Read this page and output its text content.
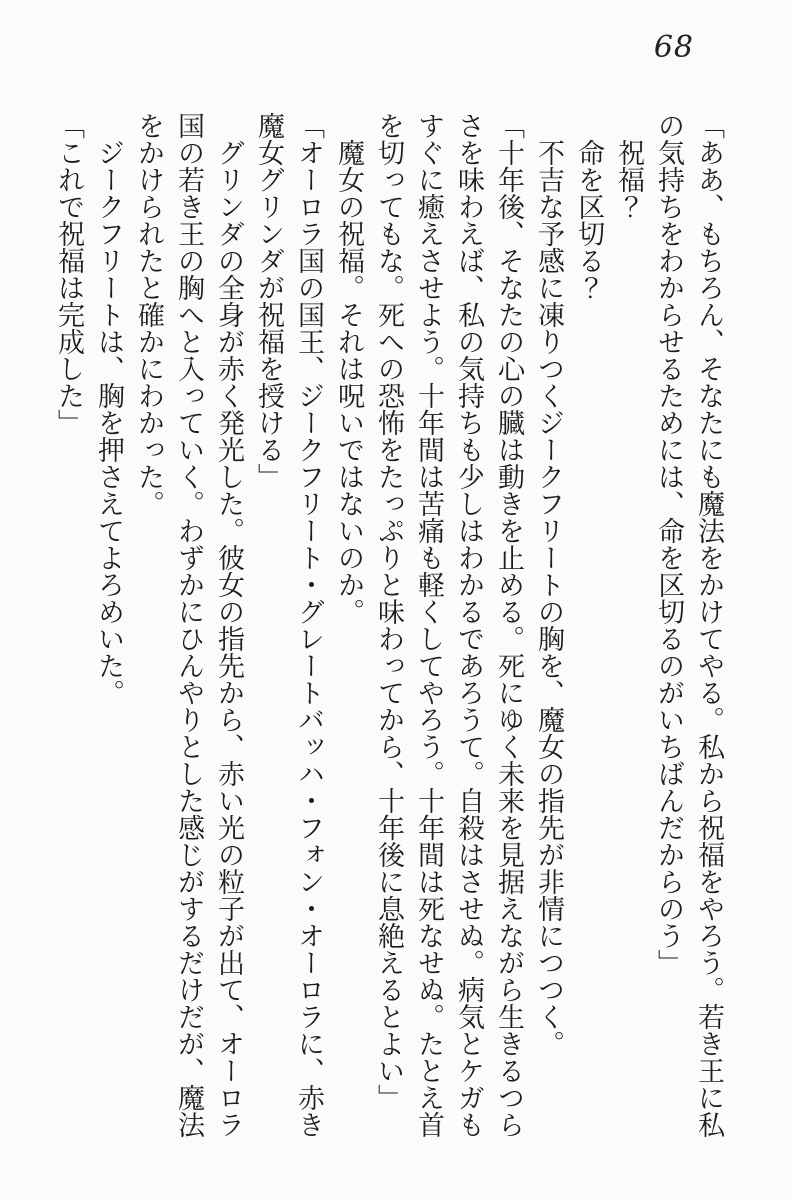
68

「ああ、もちろん、そなたにも魔法をかけてやる。私から祝福をやろう。若き王に私の気持ちをわからせるためには、命を区切るのがいちばんだからのう」

祝福？

命を区切る？

不吉な予感に凍りつくジークフリートの胸を、魔女の指先が非情につつく。

「十年後、そなたの心の臓は動きを止める。死にゆく未来を見据えながら生きるつらさを味わえば、私の気持ちも少しはわかるであろうて。自殺はさせぬ。病気とケガもすぐに癒えさせよう。十年間は苦痛も軽くしてやろう。十年間は死なせぬ。たとえ首を切ってもな。死への恐怖をたっぷりと味わってから、十年後に息絶えるとよい」

魔女の祝福。それは呪いではないのか。

「オーロラ国の国王、ジークフリート・グレートバッハ・フォン・オーロラに、赤き魔女グリンダが祝福を授ける」

グリンダの全身が赤く発光した。彼女の指先から、赤い光の粒子が出て、オーロラ国の若き王の胸へと入っていく。わずかにひんやりとした感じがするだけだが、魔法をかけられたと確かにわかった。

ジークフリートは、胸を押さえてよろめいた。

「これで祝福は完成した」
